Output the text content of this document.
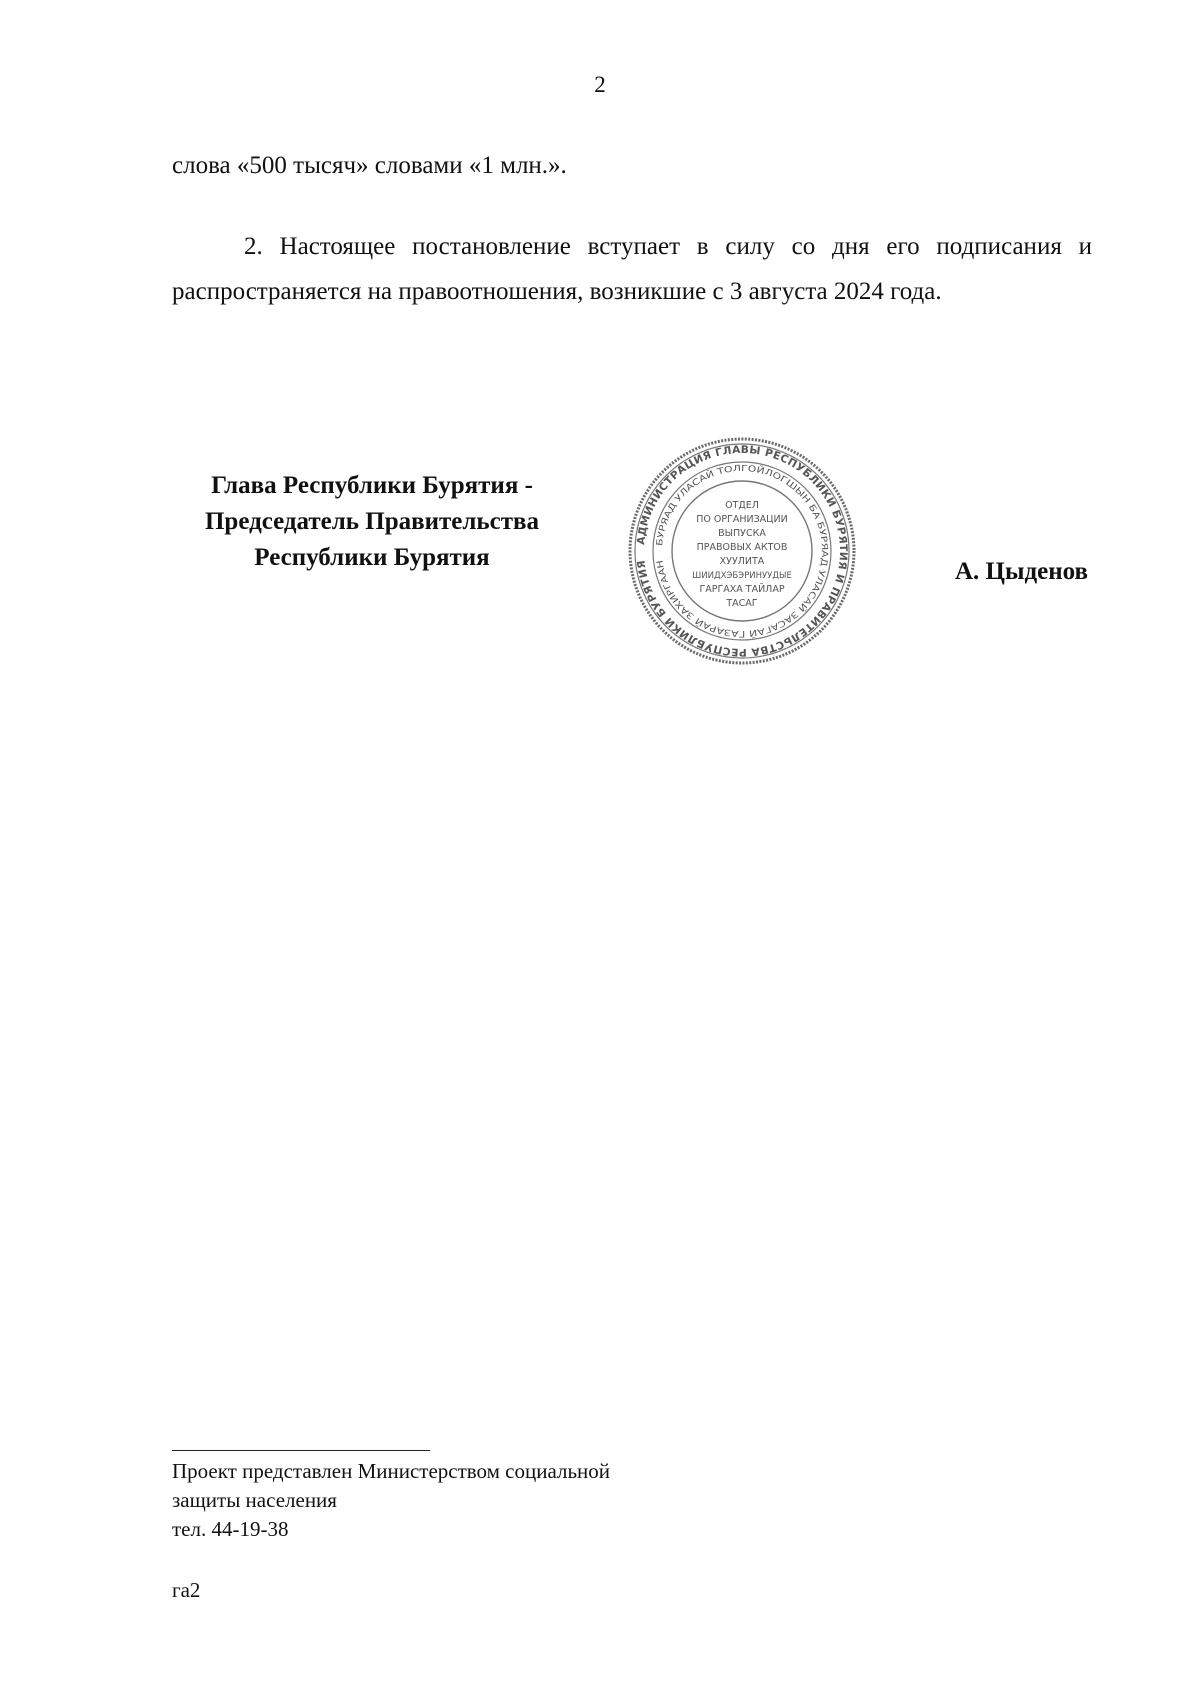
2
слова «500 тысяч» словами «1 млн.».
2. Настоящее постановление вступает в силу со дня его подписания и распространяется на правоотношения, возникшие с 3 августа 2024 года.
Глава Республики Бурятия -
Председатель Правительства
Республики Бурятия
АДМИНИСТРАЦИЯ ГЛАВЫ РЕСПУБЛИКИ БУРЯТИЯ И ПРАВИТЕЛЬСТВА РЕСПУБЛИКИ БУРЯТИЯ
БУРЯАД УЛАСАЙ ТОЛГОЙЛОГШЫН БА БУРЯАД УЛАСАЙ ЗАСАГАЙ ГАЗАРАЙ ЗАХИРГААН
ОТДЕЛ
ПО ОРГАНИЗАЦИИ
ВЫПУСКА
ПРАВОВЫХ АКТОВ
ХУУЛИТА
ШИИДХЭБЭРИНУУДЫЕ
ГАРГАХА ТАЙЛАР
ТАСАГ
А. Цыденов
Проект представлен Министерством социальной
защиты населения
тел. 44-19-38
га2
